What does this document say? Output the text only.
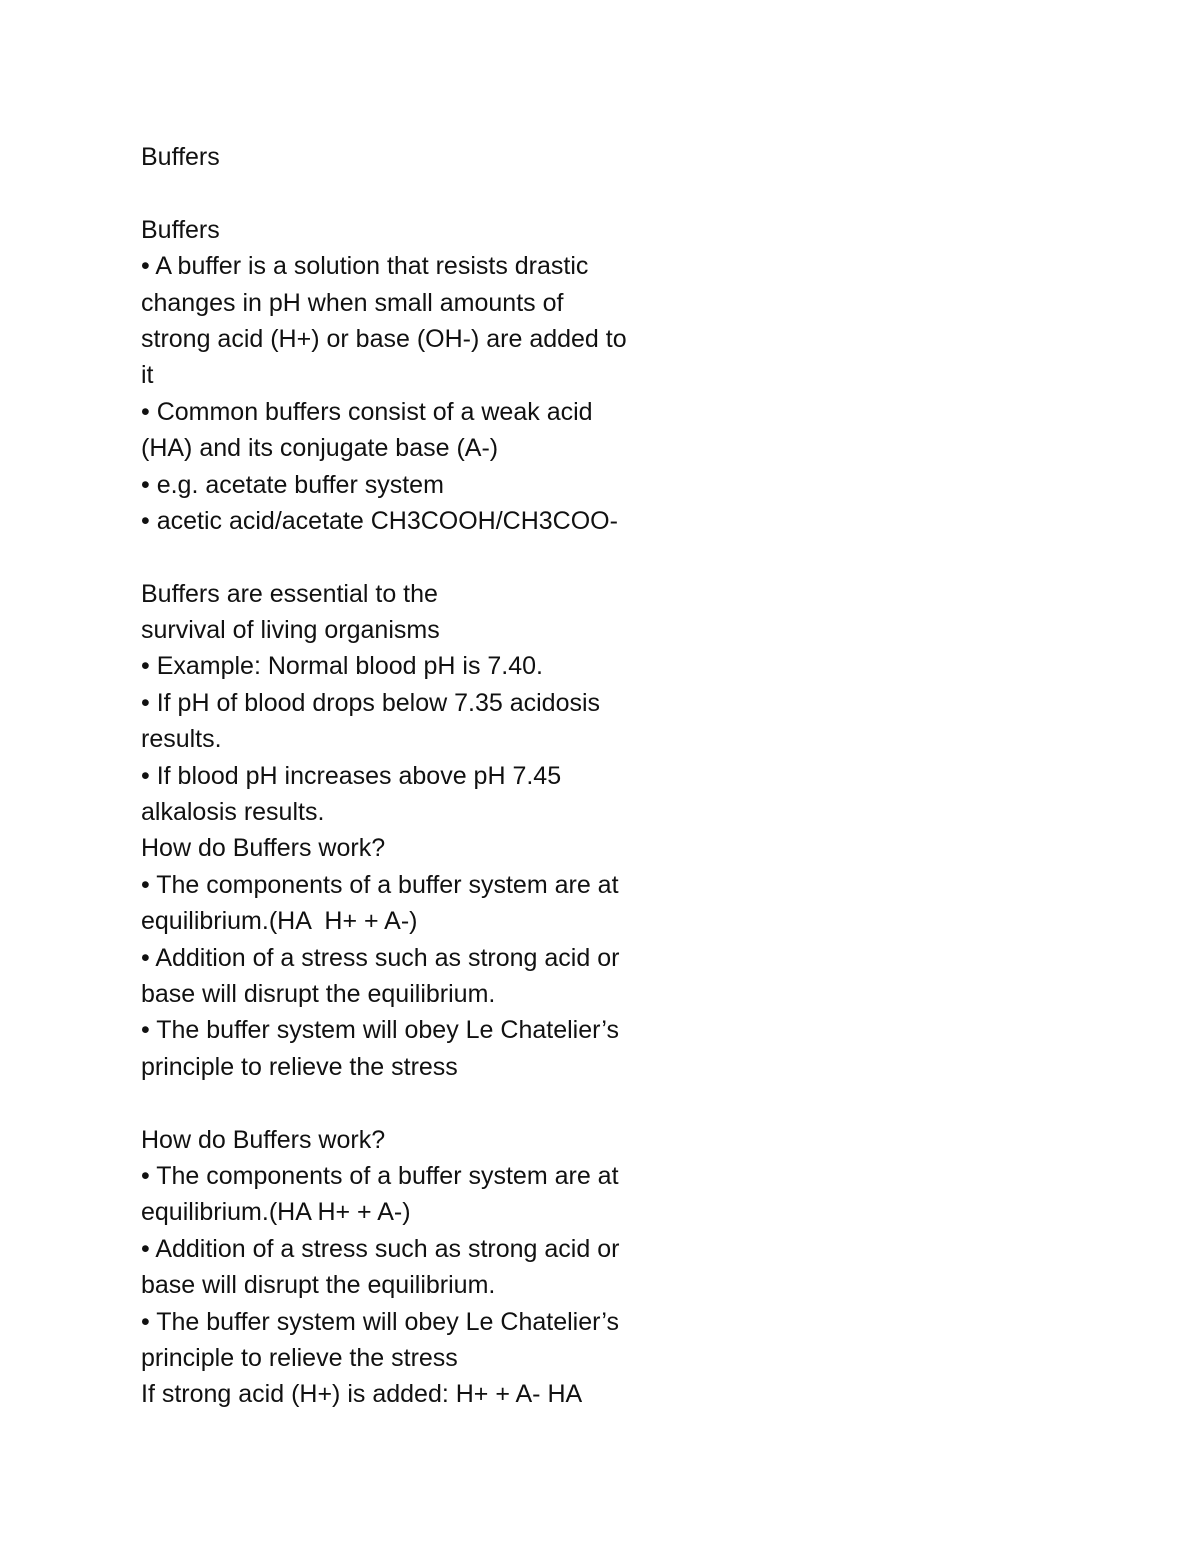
Buffers
Buffers
• A buffer is a solution that resists drastic
changes in pH when small amounts of
strong acid (H+) or base (OH-) are added to
it
• Common buffers consist of a weak acid
(HA) and its conjugate base (A-)
• e.g. acetate buffer system
• acetic acid/acetate CH3COOH/CH3COO-
Buffers are essential to the
survival of living organisms
• Example: Normal blood pH is 7.40.
• If pH of blood drops below 7.35 acidosis
results.
• If blood pH increases above pH 7.45
alkalosis results.
How do Buffers work?
• The components of a buffer system are at
equilibrium.(HA  H+ + A-)
• Addition of a stress such as strong acid or
base will disrupt the equilibrium.
• The buffer system will obey Le Chatelier’s
principle to relieve the stress
How do Buffers work?
• The components of a buffer system are at
equilibrium.(HA H+ + A-)
• Addition of a stress such as strong acid or
base will disrupt the equilibrium.
• The buffer system will obey Le Chatelier’s
principle to relieve the stress
If strong acid (H+) is added: H+ + A- HA
